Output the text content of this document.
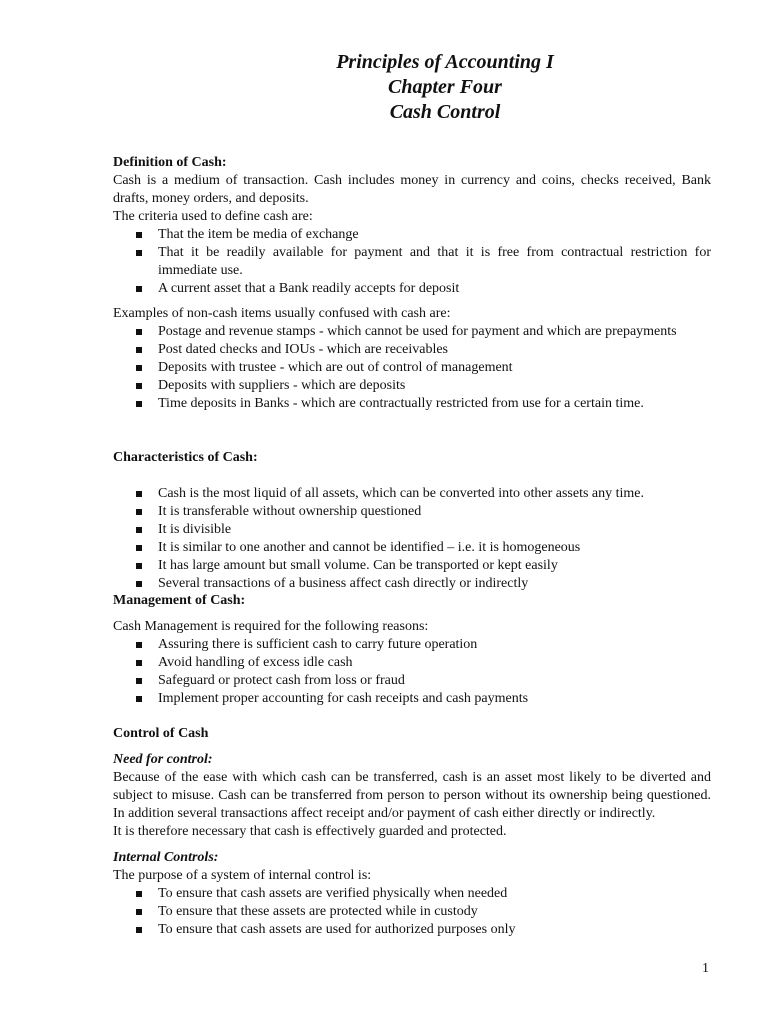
Principles of Accounting I
Chapter Four
Cash Control
Definition of Cash:
Cash is a medium of transaction. Cash includes money in currency and coins, checks received, Bank drafts, money orders, and deposits.
The criteria used to define cash are:
That the item be media of exchange
That it be readily available for payment and that it is free from contractual restriction for immediate use.
A current asset that a Bank readily accepts for deposit
Examples of non-cash items usually confused with cash are:
Postage and revenue stamps - which cannot be used for payment and which are prepayments
Post dated checks and IOUs - which are receivables
Deposits with trustee - which are out of control of management
Deposits with suppliers - which are deposits
Time deposits in Banks - which are contractually restricted from use for a certain time.
Characteristics of Cash:
Cash is the most liquid of all assets, which can be converted into other assets any time.
It is transferable without ownership questioned
It is divisible
It is similar to one another and cannot be identified – i.e. it is homogeneous
It has large amount but small volume. Can be transported or kept easily
Several transactions of a business affect cash directly or indirectly
Management of Cash:
Cash Management is required for the following reasons:
Assuring there is sufficient cash to carry future operation
Avoid handling of excess idle cash
Safeguard or protect cash from loss or fraud
Implement proper accounting for cash receipts and cash payments
Control of Cash
Need for control:
Because of the ease with which cash can be transferred, cash is an asset most likely to be diverted and subject to misuse. Cash can be transferred from person to person without its ownership being questioned. In addition several transactions affect receipt and/or payment of cash either directly or indirectly.
It is therefore necessary that cash is effectively guarded and protected.
Internal Controls:
The purpose of a system of internal control is:
To ensure that cash assets are verified physically when needed
To ensure that these assets are protected while in custody
To ensure that cash assets are used for authorized purposes only
1
